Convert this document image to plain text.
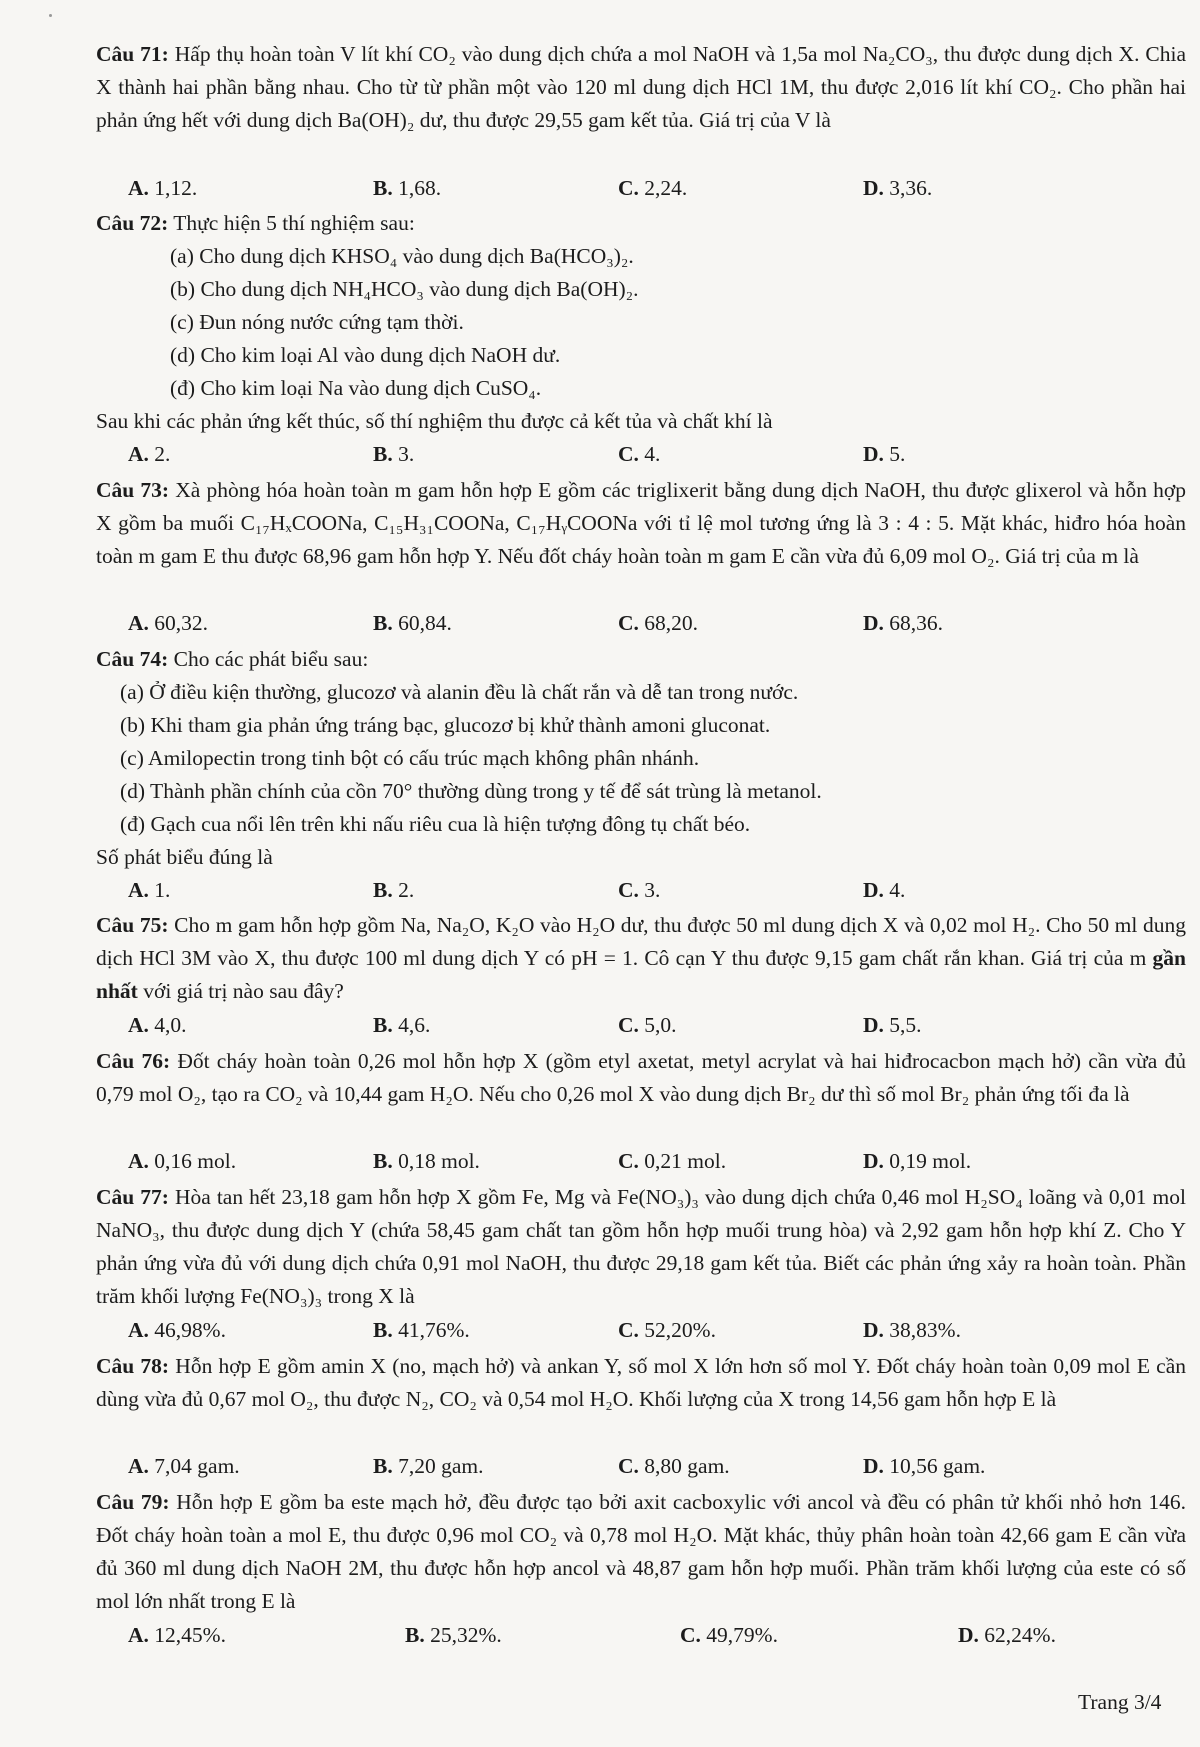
Câu 71: Hấp thụ hoàn toàn V lít khí CO₂ vào dung dịch chứa a mol NaOH và 1,5a mol Na₂CO₃, thu được dung dịch X. Chia X thành hai phần bằng nhau. Cho từ từ phần một vào 120 ml dung dịch HCl 1M, thu được 2,016 lít khí CO₂. Cho phần hai phản ứng hết với dung dịch Ba(OH)₂ dư, thu được 29,55 gam kết tủa. Giá trị của V là
A. 1,12.	B. 1,68.	C. 2,24.	D. 3,36.
Câu 72: Thực hiện 5 thí nghiệm sau:
(a) Cho dung dịch KHSO₄ vào dung dịch Ba(HCO₃)₂.
(b) Cho dung dịch NH₄HCO₃ vào dung dịch Ba(OH)₂.
(c) Đun nóng nước cứng tạm thời.
(d) Cho kim loại Al vào dung dịch NaOH dư.
(đ) Cho kim loại Na vào dung dịch CuSO₄.
Sau khi các phản ứng kết thúc, số thí nghiệm thu được cả kết tủa và chất khí là
A. 2.	B. 3.	C. 4.	D. 5.
Câu 73: Xà phòng hóa hoàn toàn m gam hỗn hợp E gồm các triglixerit bằng dung dịch NaOH, thu được glixerol và hỗn hợp X gồm ba muối C₁₇HₓCOONa, C₁₅H₃₁COONa, C₁₇HᵧCOONa với tỉ lệ mol tương ứng là 3 : 4 : 5. Mặt khác, hiđro hóa hoàn toàn m gam E thu được 68,96 gam hỗn hợp Y. Nếu đốt cháy hoàn toàn m gam E cần vừa đủ 6,09 mol O₂. Giá trị của m là
A. 60,32.	B. 60,84.	C. 68,20.	D. 68,36.
Câu 74: Cho các phát biểu sau:
(a) Ở điều kiện thường, glucozơ và alanin đều là chất rắn và dễ tan trong nước.
(b) Khi tham gia phản ứng tráng bạc, glucozơ bị khử thành amoni gluconat.
(c) Amilopectin trong tinh bột có cấu trúc mạch không phân nhánh.
(d) Thành phần chính của cồn 70° thường dùng trong y tế để sát trùng là metanol.
(đ) Gạch cua nổi lên trên khi nấu riêu cua là hiện tượng đông tụ chất béo.
Số phát biểu đúng là
A. 1.	B. 2.	C. 3.	D. 4.
Câu 75: Cho m gam hỗn hợp gồm Na, Na₂O, K₂O vào H₂O dư, thu được 50 ml dung dịch X và 0,02 mol H₂. Cho 50 ml dung dịch HCl 3M vào X, thu được 100 ml dung dịch Y có pH = 1. Cô cạn Y thu được 9,15 gam chất rắn khan. Giá trị của m gần nhất với giá trị nào sau đây?
A. 4,0.	B. 4,6.	C. 5,0.	D. 5,5.
Câu 76: Đốt cháy hoàn toàn 0,26 mol hỗn hợp X (gồm etyl axetat, metyl acrylat và hai hiđrocacbon mạch hở) cần vừa đủ 0,79 mol O₂, tạo ra CO₂ và 10,44 gam H₂O. Nếu cho 0,26 mol X vào dung dịch Br₂ dư thì số mol Br₂ phản ứng tối đa là
A. 0,16 mol.	B. 0,18 mol.	C. 0,21 mol.	D. 0,19 mol.
Câu 77: Hòa tan hết 23,18 gam hỗn hợp X gồm Fe, Mg và Fe(NO₃)₃ vào dung dịch chứa 0,46 mol H₂SO₄ loãng và 0,01 mol NaNO₃, thu được dung dịch Y (chứa 58,45 gam chất tan gồm hỗn hợp muối trung hòa) và 2,92 gam hỗn hợp khí Z. Cho Y phản ứng vừa đủ với dung dịch chứa 0,91 mol NaOH, thu được 29,18 gam kết tủa. Biết các phản ứng xảy ra hoàn toàn. Phần trăm khối lượng Fe(NO₃)₃ trong X là
A. 46,98%.	B. 41,76%.	C. 52,20%.	D. 38,83%.
Câu 78: Hỗn hợp E gồm amin X (no, mạch hở) và ankan Y, số mol X lớn hơn số mol Y. Đốt cháy hoàn toàn 0,09 mol E cần dùng vừa đủ 0,67 mol O₂, thu được N₂, CO₂ và 0,54 mol H₂O. Khối lượng của X trong 14,56 gam hỗn hợp E là
A. 7,04 gam.	B. 7,20 gam.	C. 8,80 gam.	D. 10,56 gam.
Câu 79: Hỗn hợp E gồm ba este mạch hở, đều được tạo bởi axit cacboxylic với ancol và đều có phân tử khối nhỏ hơn 146. Đốt cháy hoàn toàn a mol E, thu được 0,96 mol CO₂ và 0,78 mol H₂O. Mặt khác, thủy phân hoàn toàn 42,66 gam E cần vừa đủ 360 ml dung dịch NaOH 2M, thu được hỗn hợp ancol và 48,87 gam hỗn hợp muối. Phần trăm khối lượng của este có số mol lớn nhất trong E là
A. 12,45%.	B. 25,32%.	C. 49,79%.	D. 62,24%.
Trang 3/4
